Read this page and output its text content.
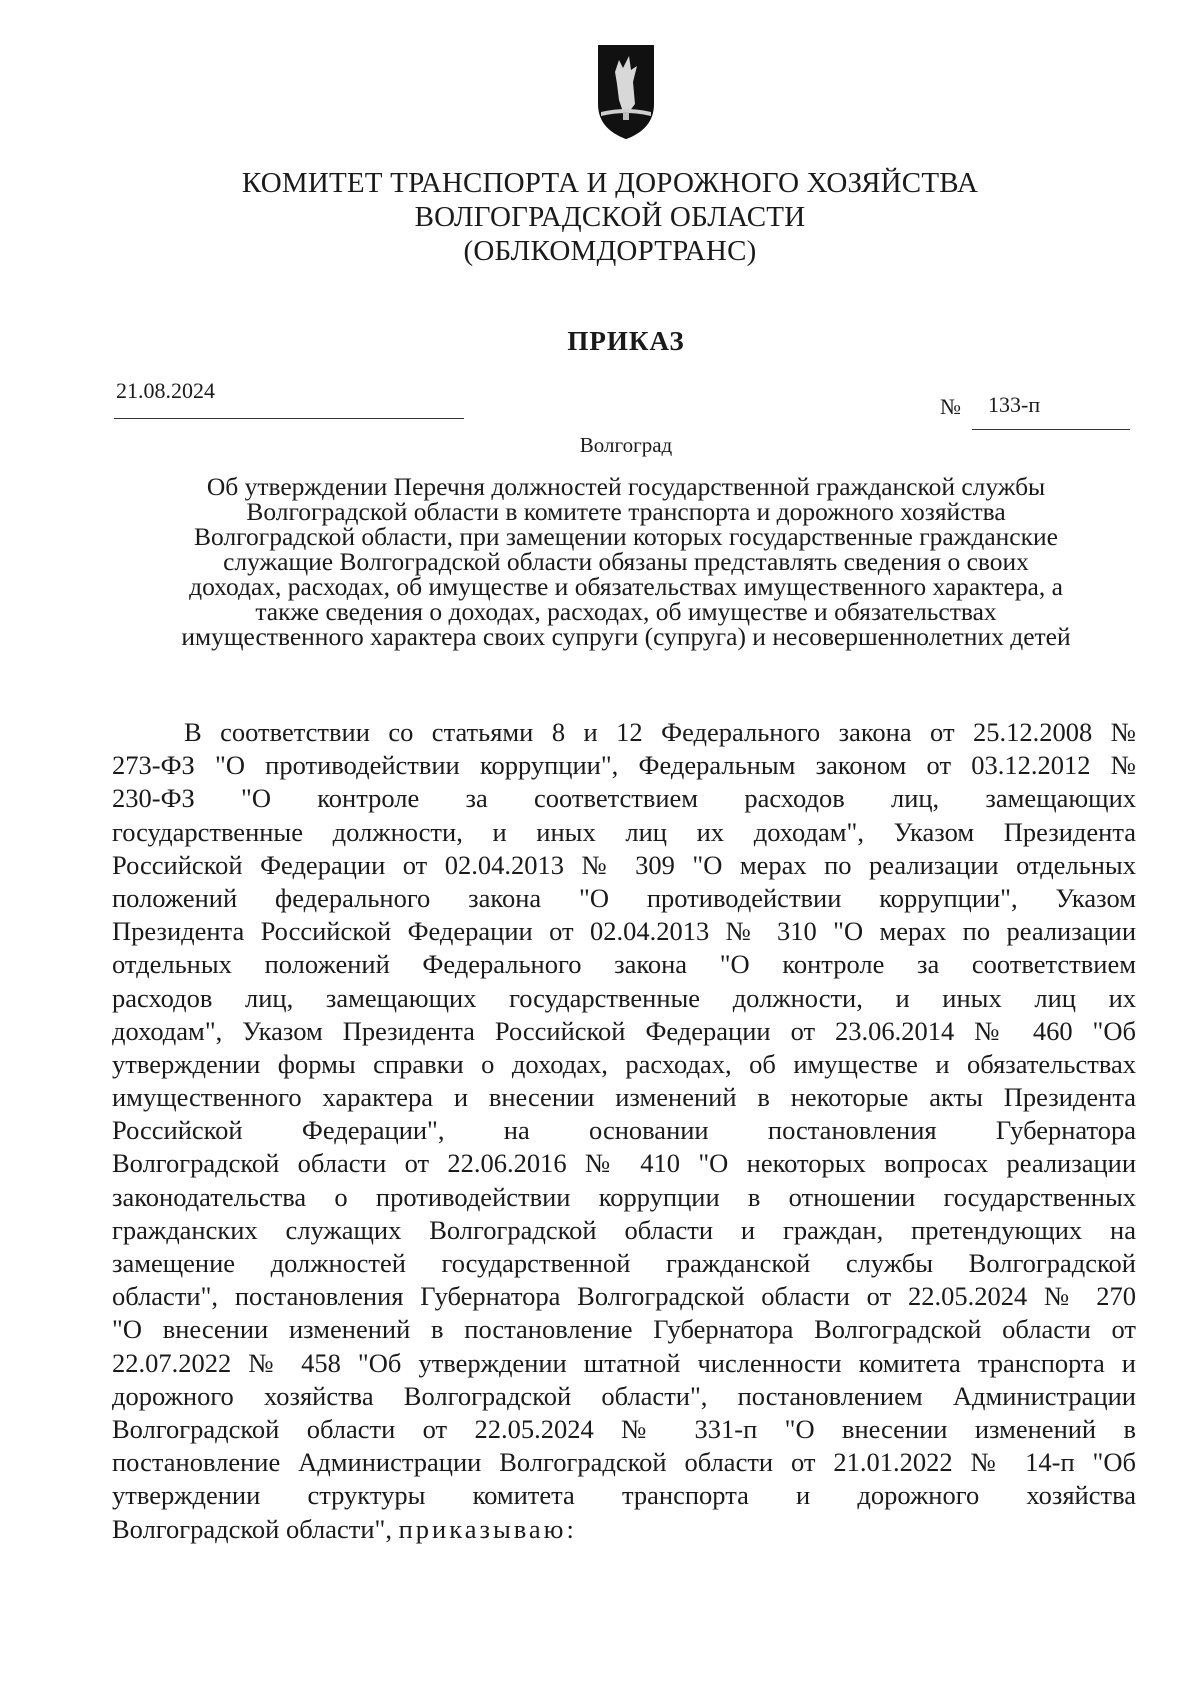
КОМИТЕТ ТРАНСПОРТА И ДОРОЖНОГО ХОЗЯЙСТВА
ВОЛГОГРАДСКОЙ ОБЛАСТИ
(ОБЛКОМДОРТРАНС)
ПРИКАЗ
21.08.2024
№ 133-п
Волгоград
Об утверждении Перечня должностей государственной гражданской службы
Волгоградской области в комитете транспорта и дорожного хозяйства
Волгоградской области, при замещении которых государственные гражданские
служащие Волгоградской области обязаны представлять сведения о своих
доходах, расходах, об имуществе и обязательствах имущественного характера, а
также сведения о доходах, расходах, об имуществе и обязательствах
имущественного характера своих супруги (супруга) и несовершеннолетних детей
В соответствии со статьями 8 и 12 Федерального закона от 25.12.2008 №
273-ФЗ "О противодействии коррупции", Федеральным законом от 03.12.2012 №
230-ФЗ "О контроле за соответствием расходов лиц, замещающих
государственные должности, и иных лиц их доходам", Указом Президента
Российской Федерации от 02.04.2013 № 309 "О мерах по реализации отдельных
положений федерального закона "О противодействии коррупции", Указом
Президента Российской Федерации от 02.04.2013 № 310 "О мерах по реализации
отдельных положений Федерального закона "О контроле за соответствием
расходов лиц, замещающих государственные должности, и иных лиц их
доходам", Указом Президента Российской Федерации от 23.06.2014 № 460 "Об
утверждении формы справки о доходах, расходах, об имуществе и обязательствах
имущественного характера и внесении изменений в некоторые акты Президента
Российской Федерации", на основании постановления Губернатора
Волгоградской области от 22.06.2016 № 410 "О некоторых вопросах реализации
законодательства о противодействии коррупции в отношении государственных
гражданских служащих Волгоградской области и граждан, претендующих на
замещение должностей государственной гражданской службы Волгоградской
области", постановления Губернатора Волгоградской области от 22.05.2024 № 270
"О внесении изменений в постановление Губернатора Волгоградской области от
22.07.2022 № 458 "Об утверждении штатной численности комитета транспорта и
дорожного хозяйства Волгоградской области", постановлением Администрации
Волгоградской области от 22.05.2024 № 331-п "О внесении изменений в
постановление Администрации Волгоградской области от 21.01.2022 № 14-п "Об
утверждении структуры комитета транспорта и дорожного хозяйства
Волгоградской области", приказываю:
